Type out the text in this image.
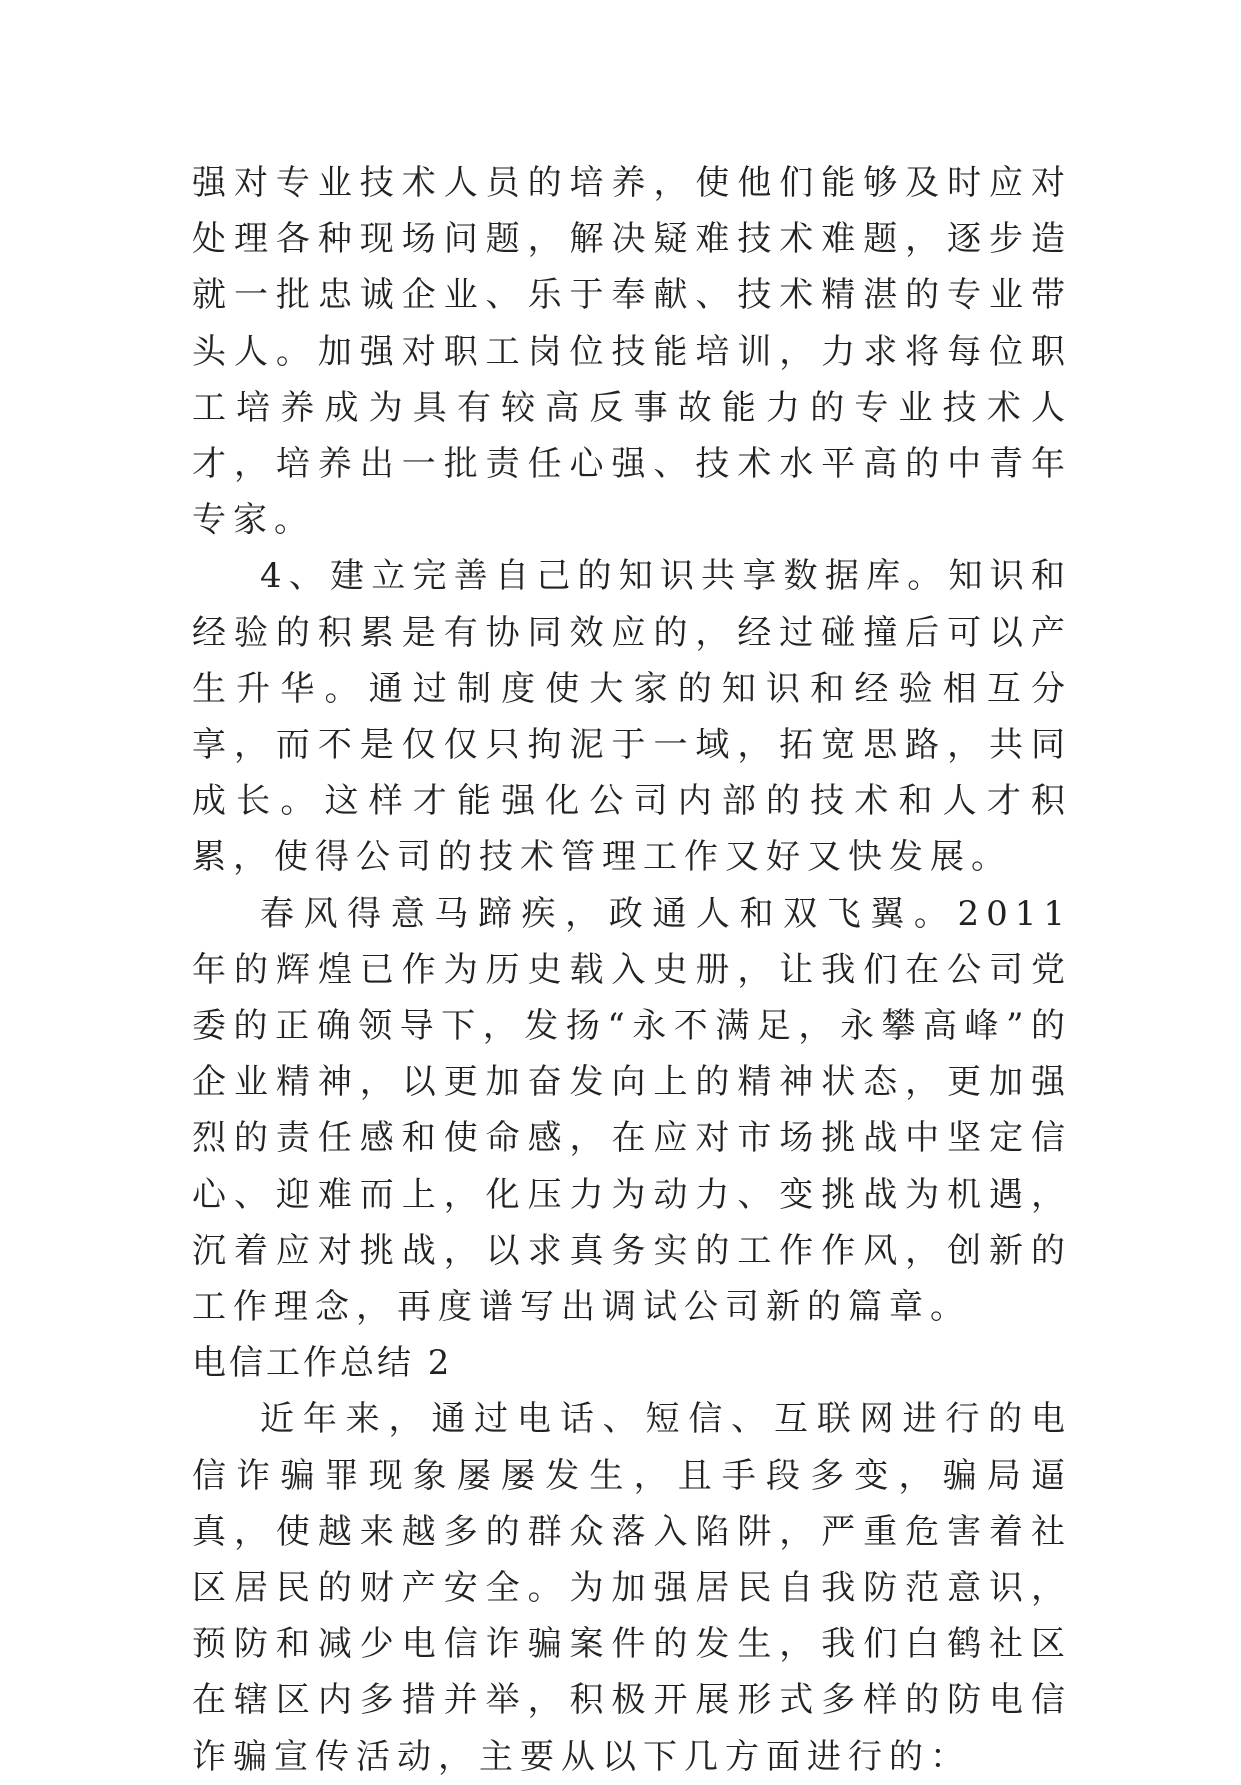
强对专业技术人员的培养，使他们能够及时应对处理各种现场问题，解决疑难技术难题，逐步造就一批忠诚企业、乐于奉献、技术精湛的专业带头人。加强对职工岗位技能培训，力求将每位职工培养成为具有较高反事故能力的专业技术人才，培养出一批责任心强、技术水平高的中青年专家。

4、建立完善自己的知识共享数据库。知识和经验的积累是有协同效应的，经过碰撞后可以产生升华。通过制度使大家的知识和经验相互分享，而不是仅仅只拘泥于一域，拓宽思路，共同成长。这样才能强化公司内部的技术和人才积累，使得公司的技术管理工作又好又快发展。

春风得意马蹄疾，政通人和双飞翼。2011 年的辉煌已作为历史载入史册，让我们在公司党委的正确领导下，发扬“永不满足，永攀高峰”的企业精神，以更加奋发向上的精神状态，更加强烈的责任感和使命感，在应对市场挑战中坚定信心、迎难而上，化压力为动力、变挑战为机遇，沉着应对挑战，以求真务实的工作作风，创新的工作理念，再度谱写出调试公司新的篇章。

电信工作总结 2

近年来，通过电话、短信、互联网进行的电信诈骗罪现象屡屡发生，且手段多变，骗局逼真，使越来越多的群众落入陷阱，严重危害着社区居民的财产安全。为加强居民自我防范意识，预防和减少电信诈骗案件的发生，我们白鹤社区在辖区内多措并举，积极开展形式多样的防电信诈骗宣传活动，主要从以下几方面进行的：
